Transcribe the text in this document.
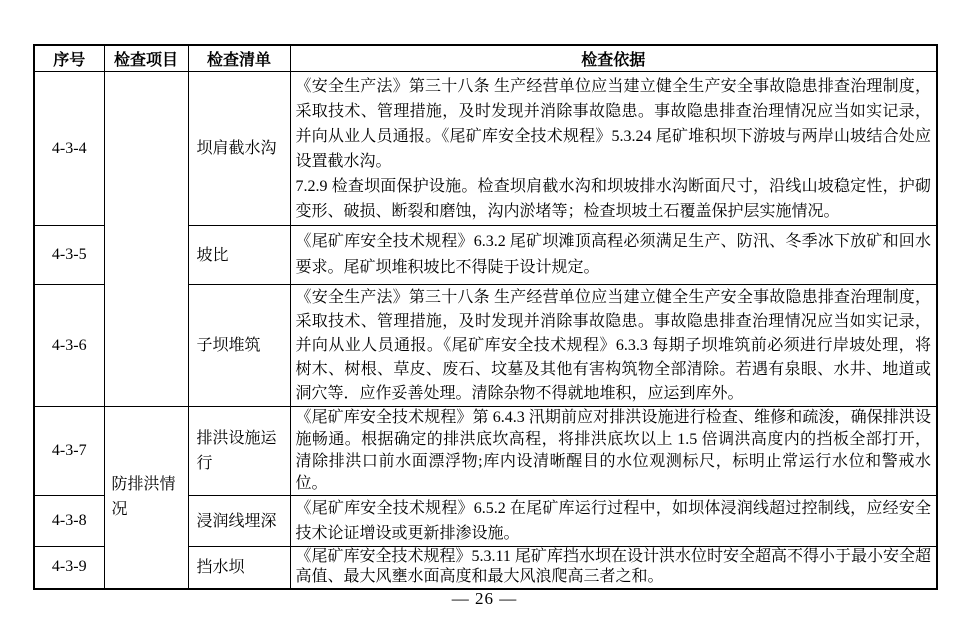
序号	检查项目	检查清单	检查依据
4-3-4		坝肩截水沟	《安全生产法》第三十八条 生产经营单位应当建立健全生产安全事故隐患排查治理制度，采取技术、管理措施，及时发现并消除事故隐患。事故隐患排查治理情况应当如实记录，并向从业人员通报。《尾矿库安全技术规程》5.3.24 尾矿堆积坝下游坡与两岸山坡结合处应设置截水沟。

7.2.9 检查坝面保护设施。检查坝肩截水沟和坝坡排水沟断面尺寸，沿线山坡稳定性，护砌变形、破损、断裂和磨蚀，沟内淤堵等；检查坝坡土石覆盖保护层实施情况。

4-3-5		坡比	《尾矿库安全技术规程》6.3.2 尾矿坝滩顶高程必须满足生产、防汛、冬季冰下放矿和回水要求。尾矿坝堆积坡比不得陡于设计规定。

4-3-6		子坝堆筑	《安全生产法》第三十八条 生产经营单位应当建立健全生产安全事故隐患排查治理制度，采取技术、管理措施，及时发现并消除事故隐患。事故隐患排查治理情况应当如实记录，并向从业人员通报。《尾矿库安全技术规程》6.3.3 每期子坝堆筑前必须进行岸坡处理，将树木、树根、草皮、废石、坟墓及其他有害构筑物全部清除。若遇有泉眼、水井、地道或洞穴等．应作妥善处理。清除杂物不得就地堆积，应运到库外。

4-3-7	防排洪情况	排洪设施运行	《尾矿库安全技术规程》第 6.4.3 汛期前应对排洪设施进行检查、维修和疏浚，确保排洪设施畅通。根据确定的排洪底坎高程，将排洪底坎以上 1.5 倍调洪高度内的挡板全部打开，清除排洪口前水面漂浮物;库内设清晰醒目的水位观测标尺，标明止常运行水位和警戒水位。

4-3-8		浸润线埋深	《尾矿库安全技术规程》6.5.2 在尾矿库运行过程中，如坝体浸润线超过控制线，应经安全技术论证增设或更新排渗设施。

4-3-9		挡水坝	《尾矿库安全技术规程》5.3.11 尾矿库挡水坝在设计洪水位时安全超高不得小于最小安全超高值、最大风壅水面高度和最大风浪爬高三者之和。

— 26 —
